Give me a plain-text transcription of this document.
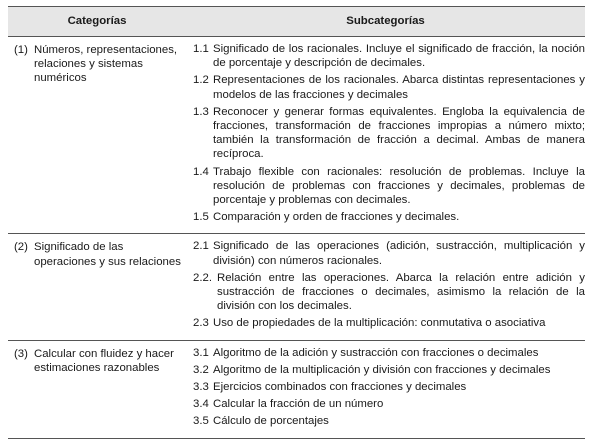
Categorías	Subcategorías
(1) Números, representaciones, relaciones y sistemas numéricos
1.1 Significado de los racionales. Incluye el significado de fracción, la noción de porcentaje y descripción de decimales.
1.2 Representaciones de los racionales. Abarca distintas representaciones y modelos de las fracciones y decimales
1.3 Reconocer y generar formas equivalentes. Engloba la equivalencia de fracciones, transformación de fracciones impropias a número mixto; también la transformación de fracción a decimal. Ambas de manera recíproca.
1.4 Trabajo flexible con racionales: resolución de problemas. Incluye la resolución de problemas con fracciones y decimales, problemas de porcentaje y problemas con decimales.
1.5 Comparación y orden de fracciones y decimales.
(2) Significado de las operaciones y sus relaciones
2.1 Significado de las operaciones (adición, sustracción, multiplicación y división) con números racionales.
2.2. Relación entre las operaciones. Abarca la relación entre adición y sustracción de fracciones o decimales, asimismo la relación de la división con los decimales.
2.3 Uso de propiedades de la multiplicación: conmutativa o asociativa
(3) Calcular con fluidez y hacer estimaciones razonables
3.1 Algoritmo de la adición y sustracción con fracciones o decimales
3.2 Algoritmo de la multiplicación y división con fracciones y decimales
3.3 Ejercicios combinados con fracciones y decimales
3.4 Calcular la fracción de un número
3.5 Cálculo de porcentajes
